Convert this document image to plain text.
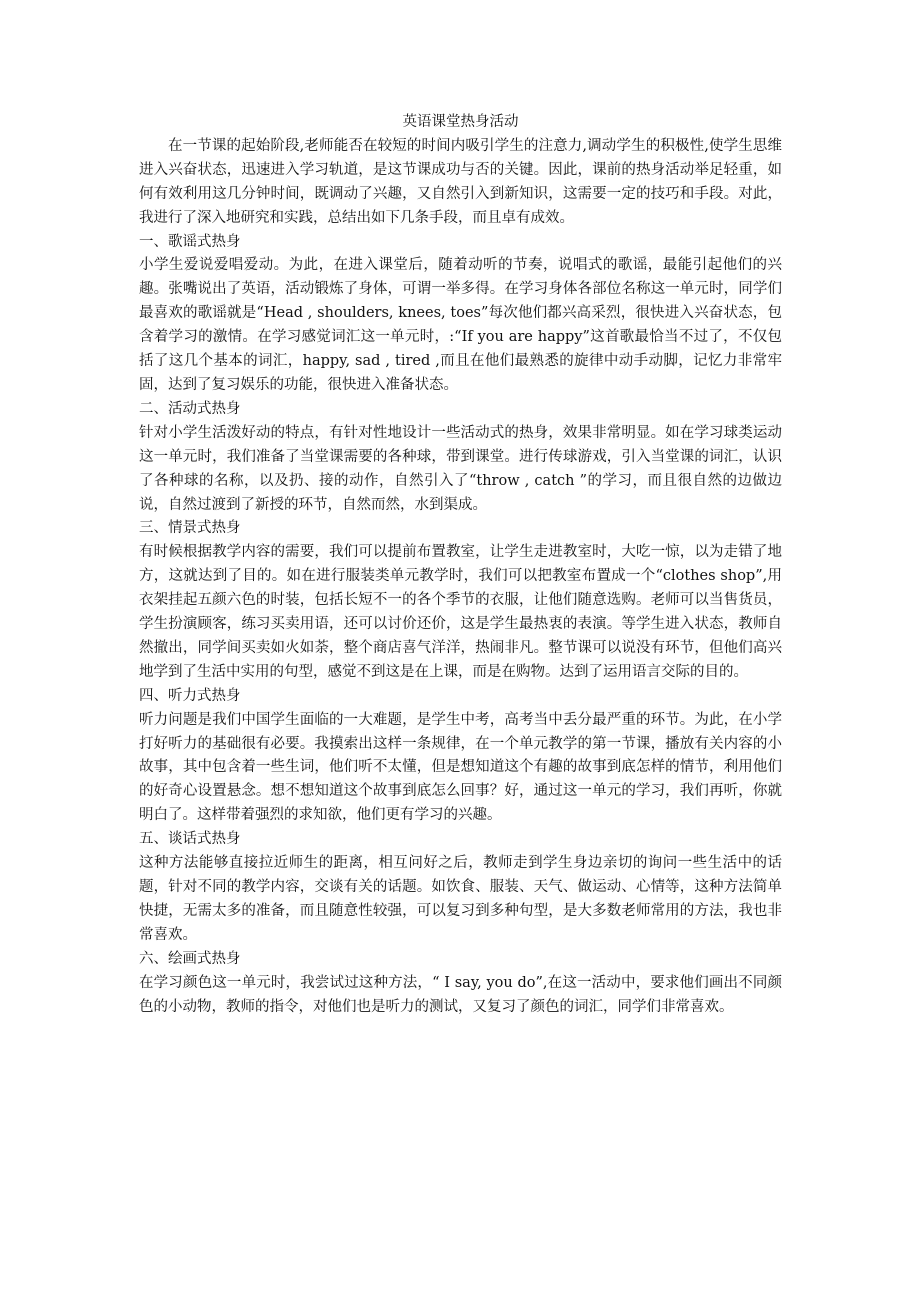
英语课堂热身活动

在一节课的起始阶段,老师能否在较短的时间内吸引学生的注意力,调动学生的积极性,使学生思维进入兴奋状态，迅速进入学习轨道，是这节课成功与否的关键。因此，课前的热身活动举足轻重，如何有效利用这几分钟时间，既调动了兴趣，又自然引入到新知识，这需要一定的技巧和手段。对此，我进行了深入地研究和实践，总结出如下几条手段，而且卓有成效。

一、歌谣式热身

小学生爱说爱唱爱动。为此，在进入课堂后，随着动听的节奏，说唱式的歌谣，最能引起他们的兴趣。张嘴说出了英语，活动锻炼了身体，可谓一举多得。在学习身体各部位名称这一单元时，同学们最喜欢的歌谣就是“Head , shoulders, knees, toes”每次他们都兴高采烈，很快进入兴奋状态，包含着学习的激情。在学习感觉词汇这一单元时，:“If you are happy”这首歌最恰当不过了，不仅包括了这几个基本的词汇，happy, sad , tired ,而且在他们最熟悉的旋律中动手动脚，记忆力非常牢固，达到了复习娱乐的功能，很快进入准备状态。

二、活动式热身

针对小学生活泼好动的特点，有针对性地设计一些活动式的热身，效果非常明显。如在学习球类运动这一单元时，我们准备了当堂课需要的各种球，带到课堂。进行传球游戏，引入当堂课的词汇，认识了各种球的名称，以及扔、接的动作，自然引入了“throw , catch ”的学习，而且很自然的边做边说，自然过渡到了新授的环节，自然而然，水到渠成。

三、情景式热身

有时候根据教学内容的需要，我们可以提前布置教室，让学生走进教室时，大吃一惊，以为走错了地方，这就达到了目的。如在进行服装类单元教学时，我们可以把教室布置成一个“clothes shop”,用衣架挂起五颜六色的时装，包括长短不一的各个季节的衣服，让他们随意选购。老师可以当售货员，学生扮演顾客，练习买卖用语，还可以讨价还价，这是学生最热衷的表演。等学生进入状态，教师自然撤出，同学间买卖如火如荼，整个商店喜气洋洋，热闹非凡。整节课可以说没有环节，但他们高兴地学到了生活中实用的句型，感觉不到这是在上课，而是在购物。达到了运用语言交际的目的。

四、听力式热身

听力问题是我们中国学生面临的一大难题，是学生中考，高考当中丢分最严重的环节。为此，在小学打好听力的基础很有必要。我摸索出这样一条规律，在一个单元教学的第一节课，播放有关内容的小故事，其中包含着一些生词，他们听不太懂，但是想知道这个有趣的故事到底怎样的情节，利用他们的好奇心设置悬念。想不想知道这个故事到底怎么回事？好，通过这一单元的学习，我们再听，你就明白了。这样带着强烈的求知欲，他们更有学习的兴趣。

五、谈话式热身

这种方法能够直接拉近师生的距离，相互问好之后，教师走到学生身边亲切的询问一些生活中的话题，针对不同的教学内容，交谈有关的话题。如饮食、服装、天气、做运动、心情等，这种方法简单快捷，无需太多的准备，而且随意性较强，可以复习到多种句型，是大多数老师常用的方法，我也非常喜欢。

六、绘画式热身

在学习颜色这一单元时，我尝试过这种方法，“ I say, you do”,在这一活动中，要求他们画出不同颜色的小动物，教师的指令，对他们也是听力的测试，又复习了颜色的词汇，同学们非常喜欢。
